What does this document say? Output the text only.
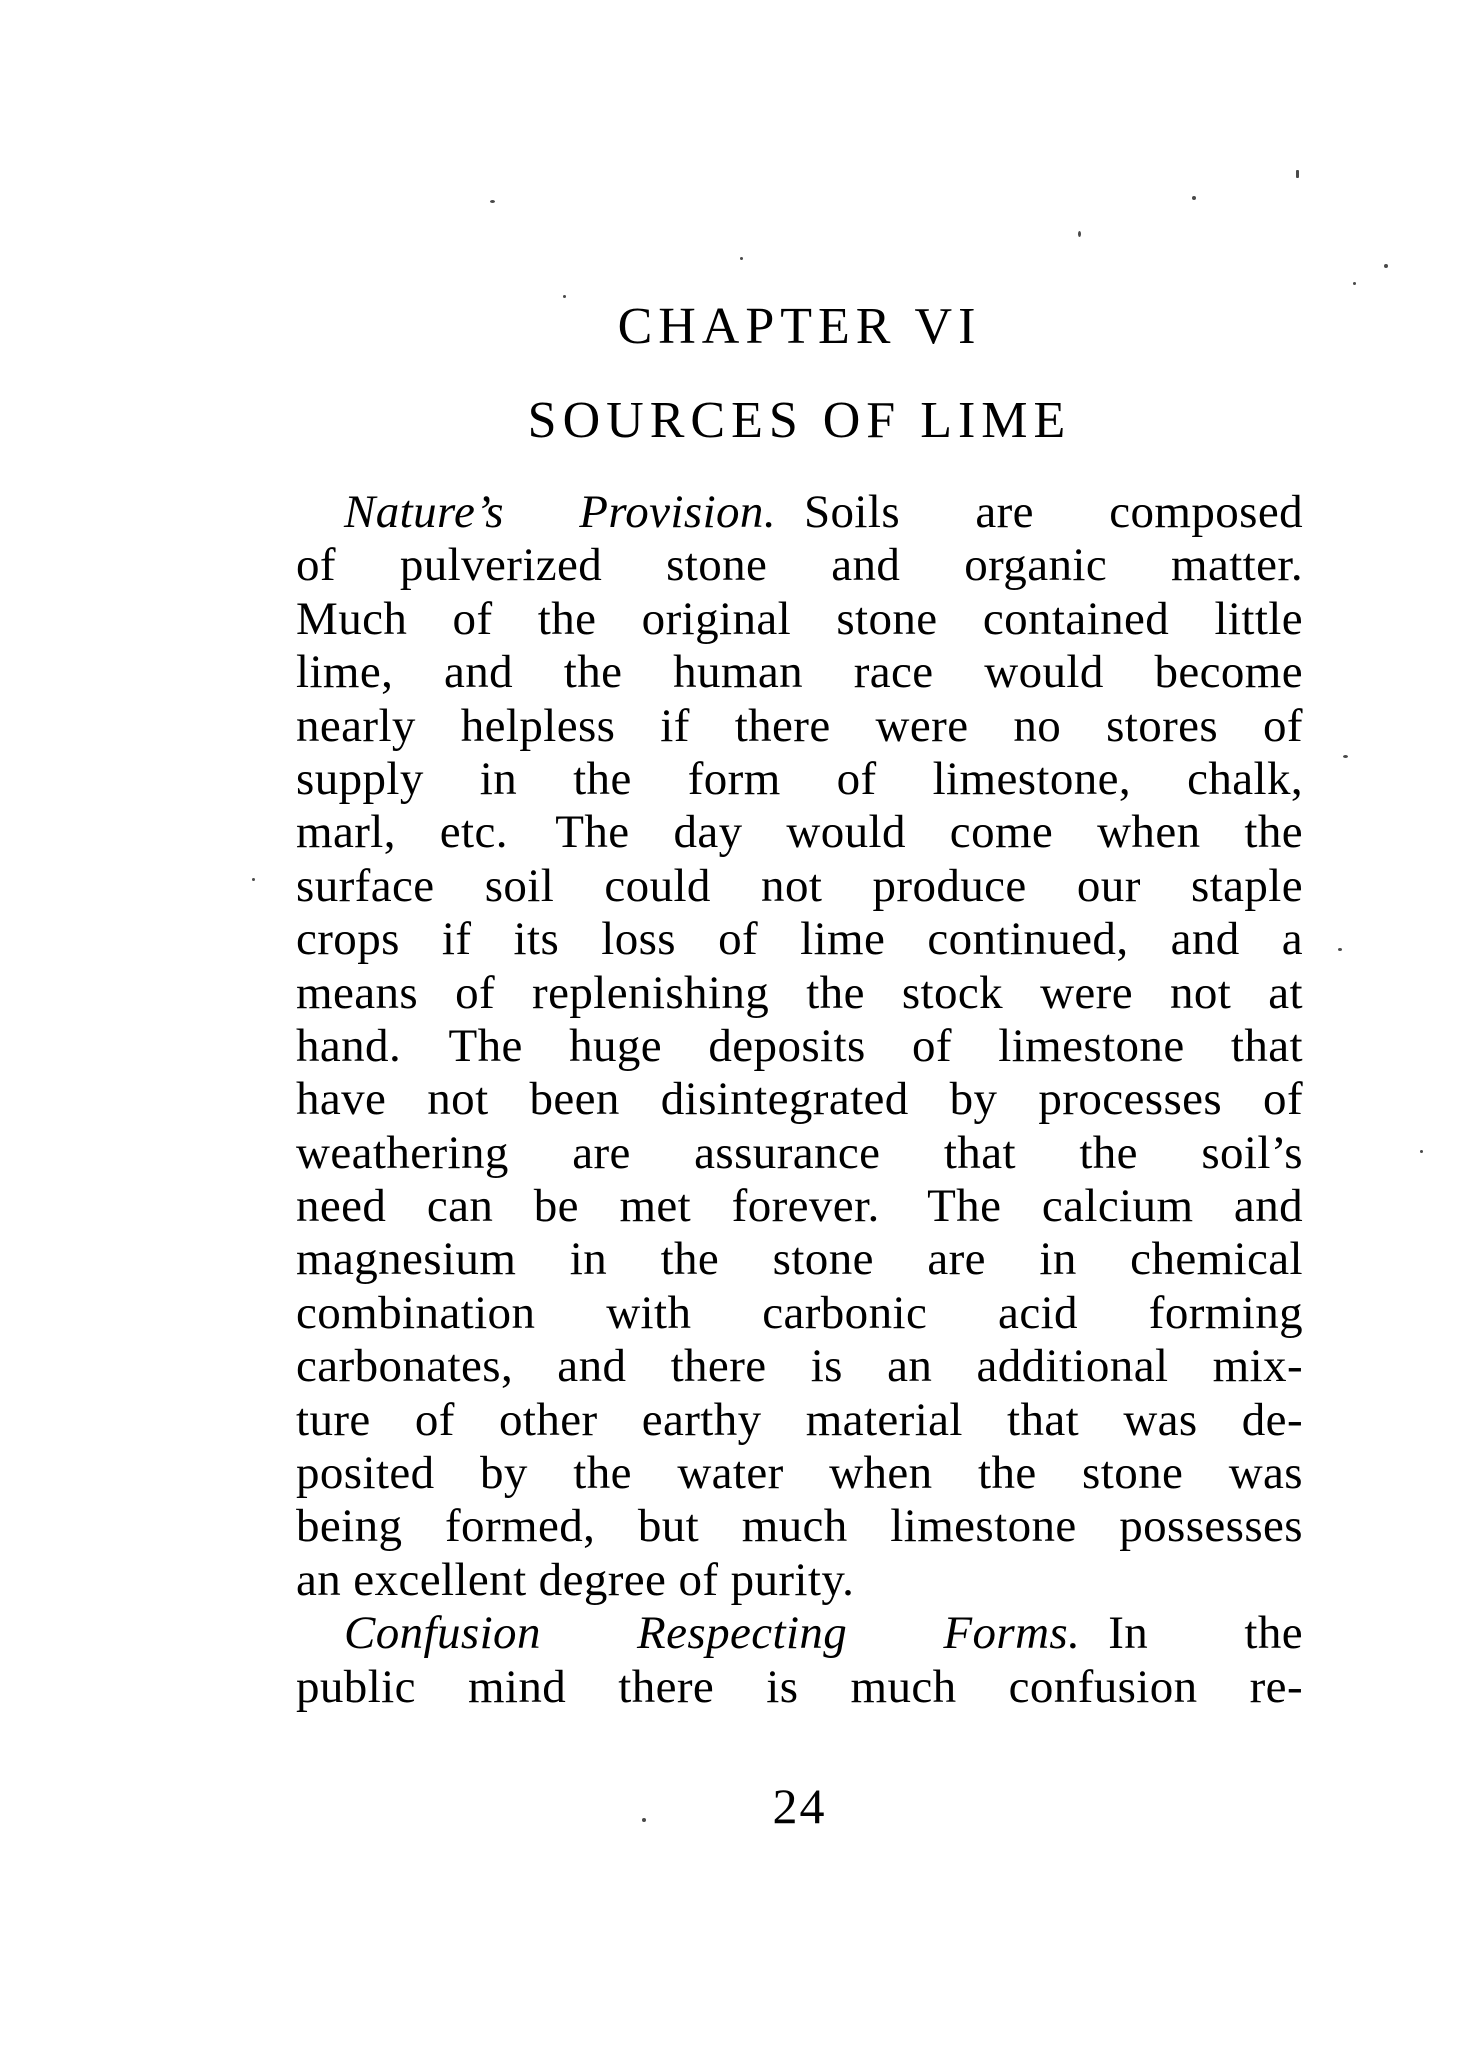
CHAPTER VI
SOURCES OF LIME
Nature’s Provision. Soils are composed
of pulverized stone and organic matter.
Much of the original stone contained little
lime, and the human race would become
nearly helpless if there were no stores of
supply in the form of limestone, chalk,
marl, etc. The day would come when the
surface soil could not produce our staple
crops if its loss of lime continued, and a
means of replenishing the stock were not at
hand. The huge deposits of limestone that
have not been disintegrated by processes of
weathering are assurance that the soil’s
need can be met forever. The calcium and
magnesium in the stone are in chemical
combination with carbonic acid forming
carbonates, and there is an additional mix-
ture of other earthy material that was de-
posited by the water when the stone was
being formed, but much limestone possesses
an excellent degree of purity.
Confusion Respecting Forms. In the
public mind there is much confusion re-
24
